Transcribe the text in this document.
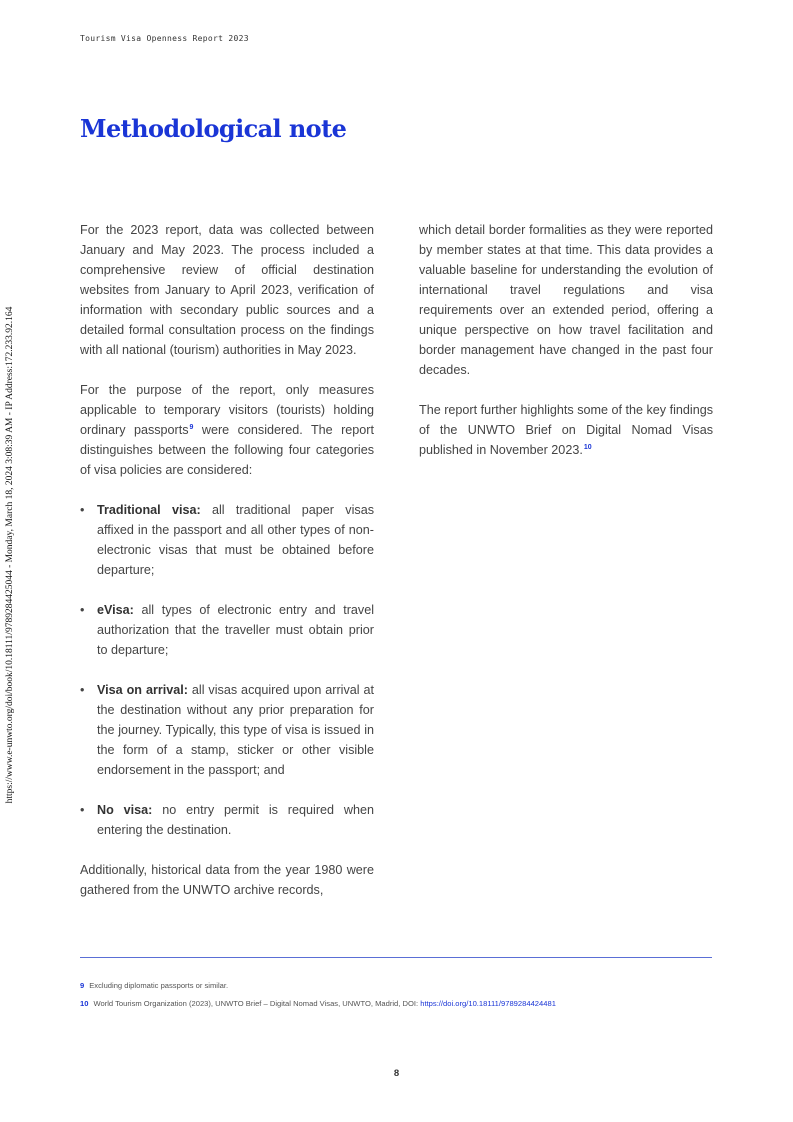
Tourism Visa Openness Report 2023
https://www.e-unwto.org/doi/book/10.18111/9789284425044 - Monday, March 18, 2024 3:08:39 AM - IP Address:172.233.92.164
Methodological note

For the 2023 report, data was collected between January and May 2023. The process included a comprehensive review of official destination websites from January to April 2023, verification of information with secondary public sources and a detailed formal consultation process on the findings with all national (tourism) authorities in May 2023.

For the purpose of the report, only measures applicable to temporary visitors (tourists) holding ordinary passports$^9$ were considered. The report distinguishes between the following four categories of visa policies are considered:

• Traditional visa: all traditional paper visas affixed in the passport and all other types of non-electronic visas that must be obtained before departure;
• eVisa: all types of electronic entry and travel authorization that the traveller must obtain prior to departure;
• Visa on arrival: all visas acquired upon arrival at the destination without any prior preparation for the journey. Typically, this type of visa is issued in the form of a stamp, sticker or other visible endorsement in the passport; and
• No visa: no entry permit is required when entering the destination.

Additionally, historical data from the year 1980 were gathered from the UNWTO archive records,

which detail border formalities as they were reported by member states at that time. This data provides a valuable baseline for understanding the evolution of international travel regulations and visa requirements over an extended period, offering a unique perspective on how travel facilitation and border management have changed in the past four decades.

The report further highlights some of the key findings of the UNWTO Brief on Digital Nomad Visas published in November 2023.10

9 Excluding diplomatic passports or similar.
10 World Tourism Organization (2023), UNWTO Brief – Digital Nomad Visas, UNWTO, Madrid, DOI: https://doi.org/10.18111/9789284424481
8
